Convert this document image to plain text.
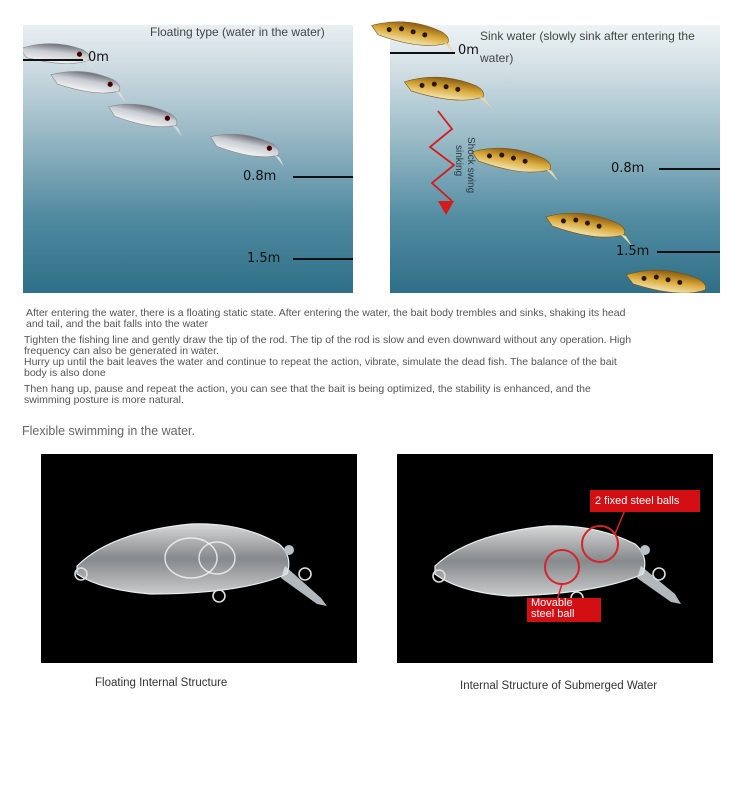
Floating type (water in the water)
0m
0.8m
1.5m
Sink water (slowly sink after entering the water)
0m
0.8m
1.5m
Shock swing
sinking
After entering the water, there is a floating static state. After entering the water, the bait body trembles and sinks, shaking its head
and tail, and the bait falls into the water
Tighten the fishing line and gently draw the tip of the rod. The tip of the rod is slow and even downward without any operation. High
frequency can also be generated in water.
Hurry up until the bait leaves the water and continue to repeat the action, vibrate, simulate the dead fish. The balance of the bait
body is also done
Then hang up, pause and repeat the action, you can see that the bait is being optimized, the stability is enhanced, and the
swimming posture is more natural.
Flexible swimming in the water.
2 fixed steel balls
Movable steel ball
Floating Internal Structure	Internal Structure of Submerged Water
